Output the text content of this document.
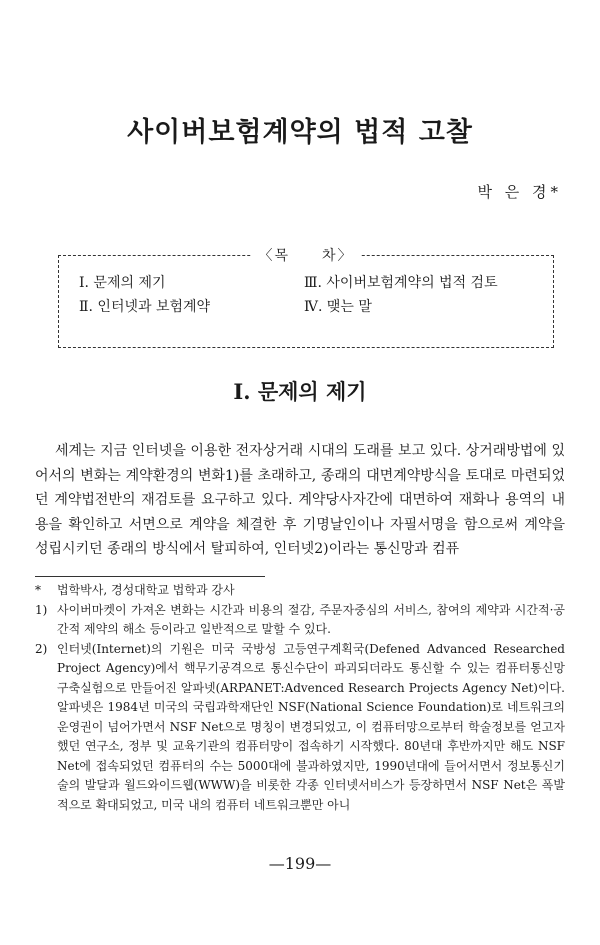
사이버보험계약의 법적 고찰
박 은 경*
〈목　　차〉
Ⅰ. 문제의 제기
Ⅱ. 인터넷과 보험계약
Ⅲ. 사이버보험계약의 법적 검토
Ⅳ. 맺는 말
Ⅰ. 문제의 제기

세계는 지금 인터넷을 이용한 전자상거래 시대의 도래를 보고 있다. 상거래방법에 있어서의 변화는 계약환경의 변화1)를 초래하고, 종래의 대면계약방식을 토대로 마련되었던 계약법전반의 재검토를 요구하고 있다. 계약당사자간에 대면하여 재화나 용역의 내용을 확인하고 서면으로 계약을 체결한 후 기명날인이나 자필서명을 함으로써 계약을 성립시키던 종래의 방식에서 탈피하여, 인터넷2)이라는 통신망과 컴퓨

*	법학박사, 경성대학교 법학과 강사
1) 사이버마켓이 가져온 변화는 시간과 비용의 절감, 주문자중심의 서비스, 참여의 제약과 시간적·공간적 제약의 해소 등이라고 일반적으로 말할 수 있다.
2) 인터넷(Internet)의 기원은 미국 국방성 고등연구계획국(Defened Advanced Researched Project Agency)에서 핵무기공격으로 통신수단이 파괴되더라도 통신할 수 있는 컴퓨터통신망 구축실험으로 만들어진 알파넷(ARPANET:Advenced Research Projects Agency Net)이다. 알파넷은 1984년 미국의 국립과학재단인 NSF(National Science Foundation)로 네트워크의 운영권이 넘어가면서 NSF Net으로 명칭이 변경되었고, 이 컴퓨터망으로부터 학술정보를 얻고자 했던 연구소, 정부 및 교육기관의 컴퓨터망이 접속하기 시작했다. 80년대 후반까지만 해도 NSF Net에 접속되었던 컴퓨터의 수는 5000대에 불과하였지만, 1990년대에 들어서면서 정보통신기술의 발달과 월드와이드웹(WWW)을 비롯한 각종 인터넷서비스가 등장하면서 NSF Net은 폭발적으로 확대되었고, 미국 내의 컴퓨터 네트워크뿐만 아니
—199—
